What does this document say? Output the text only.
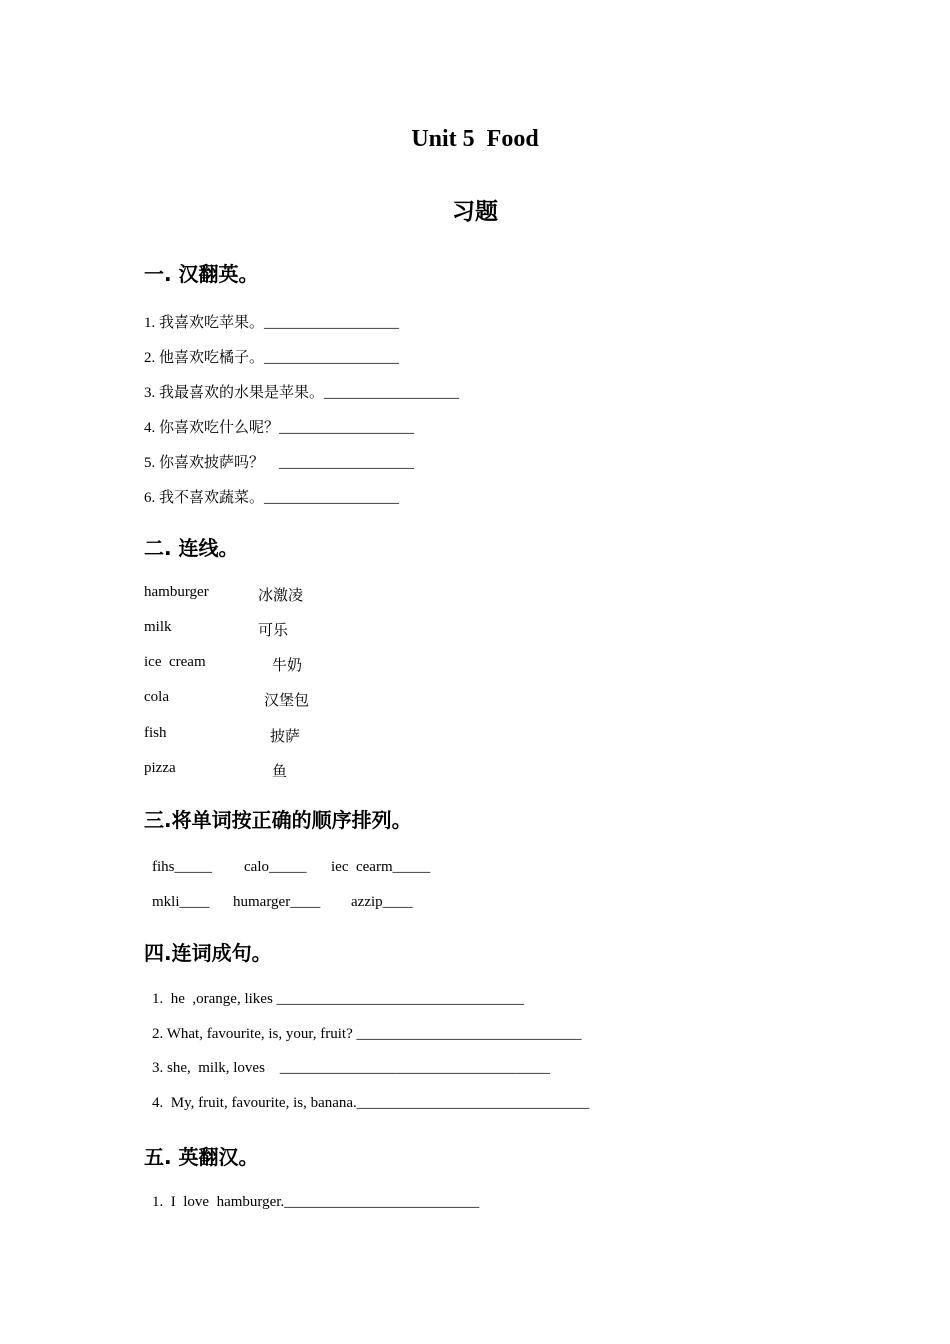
Unit 5  Food
习题
一. 汉翻英。
1. 我喜欢吃苹果。__________________
2. 他喜欢吃橘子。__________________
3. 我最喜欢的水果是苹果。__________________
4. 你喜欢吃什么呢？__________________
5. 你喜欢披萨吗？    __________________
6. 我不喜欢蔬菜。__________________
二. 连线。
hamburger	冰激凌
milk	可乐
ice  cream	牛奶
cola	汉堡包
fish	披萨
pizza	鱼
三.将单词按正确的顺序排列。
fihs_____ calo_____ iec  cearm_____
mkli____ humarger____ azzip____
四.连词成句。
1.  he  ,orange, likes _________________________________
2. What, favourite, is, your, fruit? ______________________________
3. she,  milk, loves    ____________________________________
4.  My, fruit, favourite, is, banana._______________________________
五. 英翻汉。
1.  I  love  hamburger.__________________________
